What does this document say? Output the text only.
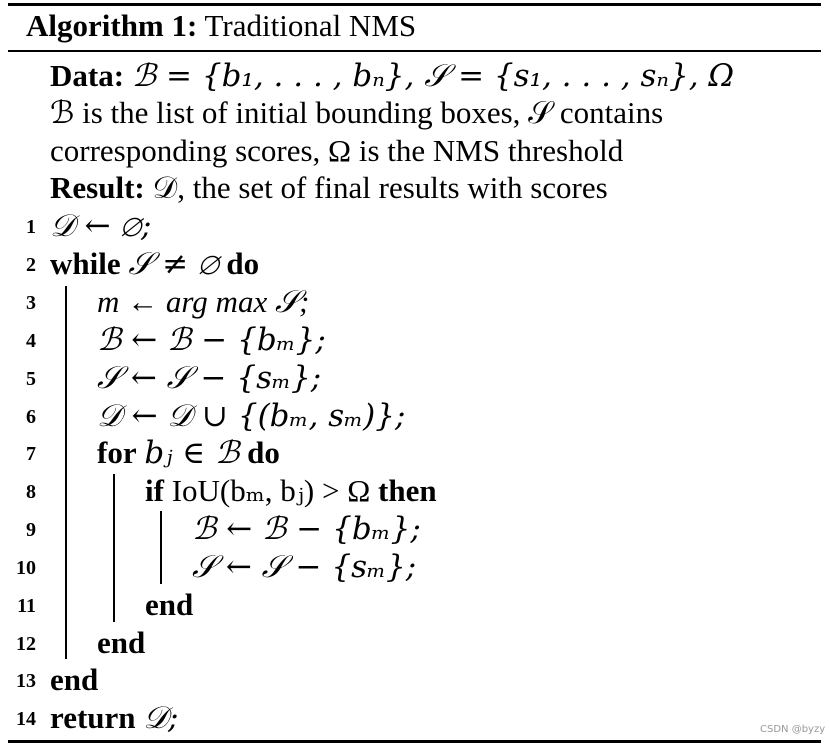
Algorithm 1: Traditional NMS
Data: ℬ = {b₁, . . . , bₙ}, 𝒮 = {s₁, . . . , sₙ}, Ω
ℬ is the list of initial bounding boxes, 𝒮 contains
corresponding scores, Ω is the NMS threshold
Result: 𝒟, the set of final results with scores
1 𝒟 ← ∅;
2 while 𝒮 ≠ ∅ do
3 m ← arg max 𝒮;
4 ℬ ← ℬ − {bₘ};
5 𝒮 ← 𝒮 − {sₘ};
6 𝒟 ← 𝒟 ∪ {(bₘ, sₘ)};
7 for bⱼ ∈ ℬ do
8	if IoU(bₘ, bⱼ) > Ω then
9	ℬ ← ℬ − {bₘ};
10	𝒮 ← 𝒮 − {sₘ};
11	end
12 end
13 end
14 return 𝒟;	CSDN @byzy
